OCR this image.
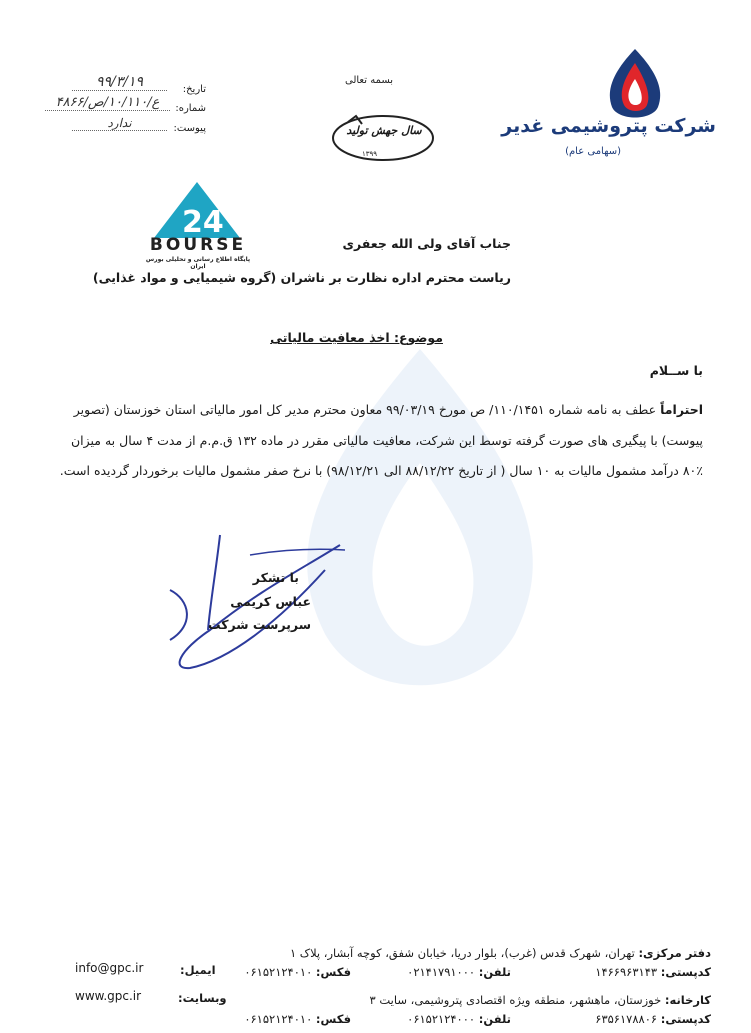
شرکت پتروشیمی غدیر
(سهامی عام)
بسمه تعالی
سال جهش تولید
۱۳۹۹
تاریخ:
۹۹/۳/۱۹
شماره:
ع/۱۰/۱۱۰/ص/۴۸۶۶
پیوست:
ندارد
24
BOURSE
پایگاه اطلاع رسانی و تحلیلی بورس ایران
جناب آقای ولی الله جعفری
ریاست محترم اداره نظارت بر ناشران (گروه شیمیایی و مواد غذایی)
موضوع: اخذ معافیت مالیاتی
با ســلام
احتراماً عطف به نامه شماره ۱۱۰/۱۴۵۱/ ص مورخ ۹۹/۰۳/۱۹ معاون محترم مدیر کل امور مالیاتی استان خوزستان (تصویر
پیوست) با پیگیری های صورت گرفته توسط این شرکت، معافیت مالیاتی مقرر در ماده ۱۳۲ ق.م.م از مدت ۴ سال به میزان
۸۰٪ درآمد مشمول مالیات به ۱۰ سال ( از تاریخ ۸۸/۱۲/۲۲ الی ۹۸/۱۲/۲۱) با نرخ صفر مشمول مالیات برخوردار گردیده است.
با تشکر
عباس کریمی
سرپرست شرکت
دفتر مرکزی: تهران، شهرک قدس (غرب)، بلوار دریا، خیابان شفق، کوچه آبشار، پلاک ۱
کدپستی: ۱۴۶۶۹۶۳۱۴۳
تلفن: ۰۲۱۴۱۷۹۱۰۰۰
فکس: ۰۶۱۵۲۱۲۴۰۱۰
کارخانه: خوزستان، ماهشهر، منطقه ویژه اقتصادی پتروشیمی، سایت ۳
کدپستی: ۶۳۵۶۱۷۸۸۰۶
تلفن: ۰۶۱۵۲۱۲۴۰۰۰
فکس: ۰۶۱۵۲۱۲۴۰۱۰
ایمیل:
info@gpc.ir
وبسایت:
www.gpc.ir
